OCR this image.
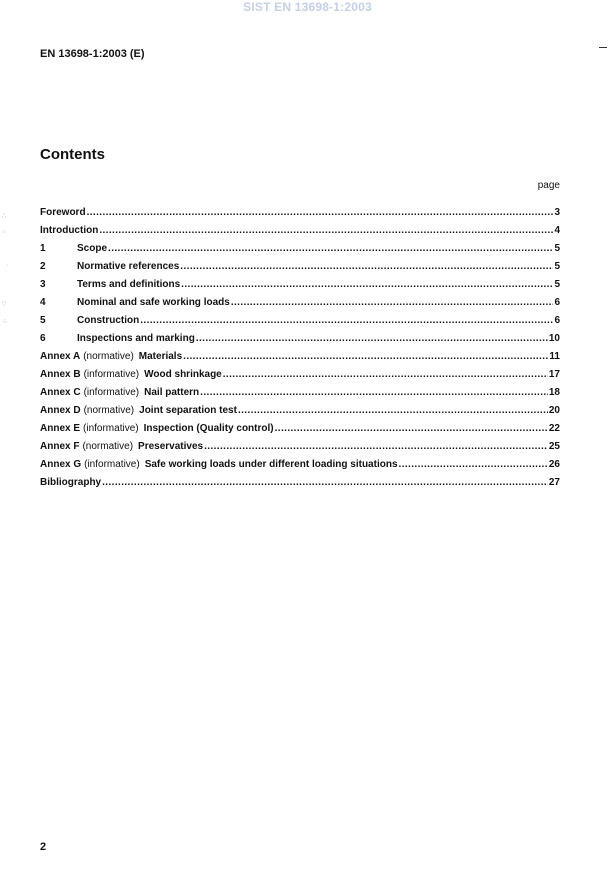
SIST EN 13698-1:2003
EN 13698-1:2003 (E)
Contents
page
Foreword .....	3
Introduction .....	4
1	Scope .....	5
2	Normative references .....	5
3	Terms and definitions .....	5
4	Nominal and safe working loads .....	6
5	Construction .....	6
6	Inspections and marking .....	10
Annex A (normative) Materials .....	11
Annex B (informative) Wood shrinkage .....	17
Annex C (informative) Nail pattern .....	18
Annex D (normative) Joint separation test .....	20
Annex E (informative) Inspection (Quality control) .....	22
Annex F (normative) Preservatives .....	25
Annex G (informative) Safe working loads under different loading situations .....	26
Bibliography .....	27
2
∴
⁖
·
∵
⁘
